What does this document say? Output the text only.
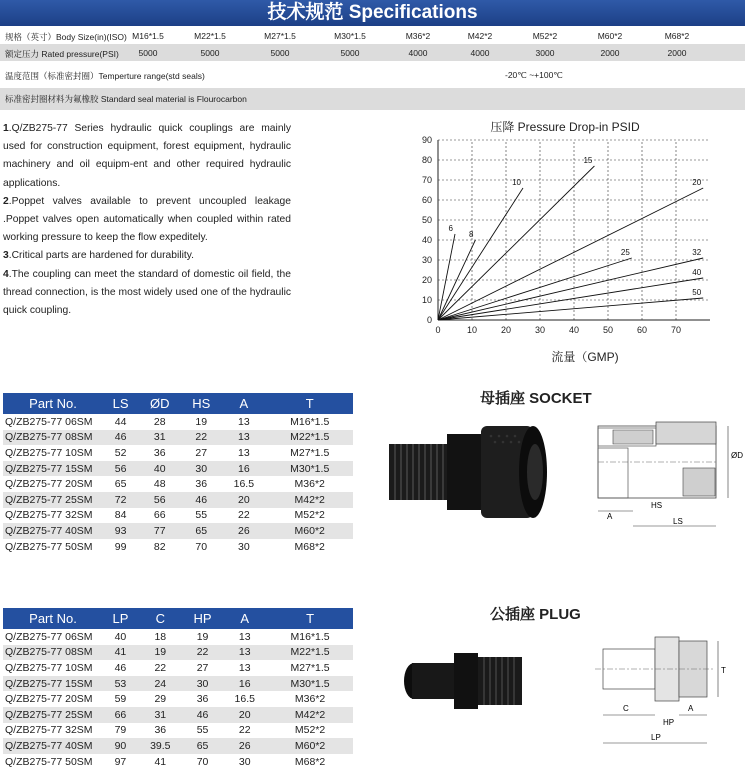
技术规范 Specifications
规格（英寸）Body Size(in)(ISO) M16*1.5	M22*1.5	M27*1.5	M30*1.5	M36*2	M42*2	M52*2	M60*2	M68*2
额定压力 Rated pressure(PSI)	5000	5000	5000	5000	4000	4000	3000	2000	2000
温度范围（标准密封圈）Temperture range(std seals)	-20℃ ~+100℃
标准密封圈材料为氟橡胶 Standard seal material is Flourocarbon

1.Q/ZB275-77 Series hydraulic quick couplings are mainly used for construction equipment, forest equipment, hydraulic machinery and oil equipm-ent and other required hydraulic applications.

2.Poppet valves available to prevent uncoupled leakage .Poppet valves open automatically when coupled within rated working pressure to keep the flow expeditely.

3.Critical parts are hardened for durability.

4.The coupling can meet the standard of domestic oil field, the thread connection, is the most widely used one of the hydraulic quick coupling.

压降 Pressure Drop-in PSID
0	10	20	30	40	50	60	70
0
10
20
30
40
50
60
70
80
90
6
8
10
15
20
25	32
40
50
流量（GMP)
母插座 SOCKET
Part No.	LS	ØD	HS	A	T
Q/ZB275-77 06SM	44	28	19	13	M16*1.5
Q/ZB275-77 08SM	46	31	22	13	M22*1.5
Q/ZB275-77 10SM	52	36	27	13	M27*1.5
Q/ZB275-77 15SM	56	40	30	16	M30*1.5
Q/ZB275-77 20SM	65	48	36	16.5	M36*2
Q/ZB275-77 25SM	72	56	46	20	M42*2
Q/ZB275-77 32SM	84	66	55	22	M52*2
Q/ZB275-77 40SM	93	77	65	26	M60*2
Q/ZB275-77 50SM	99	82	70	30	M68*2
公插座 PLUG
Part No.	LP	C	HP	A	T
Q/ZB275-77 06SM	40	18	19	13	M16*1.5
Q/ZB275-77 08SM	41	19	22	13	M22*1.5
Q/ZB275-77 10SM	46	22	27	13	M27*1.5
Q/ZB275-77 15SM	53	24	30	16	M30*1.5
Q/ZB275-77 20SM	59	29	36	16.5	M36*2
Q/ZB275-77 25SM	66	31	46	20	M42*2
Q/ZB275-77 32SM	79	36	55	22	M52*2
Q/ZB275-77 40SM	90	39.5	65	26	M60*2
Q/ZB275-77 50SM	97	41	70	30	M68*2
A
HS
LS
ØD
T
C	A
HP
LP
